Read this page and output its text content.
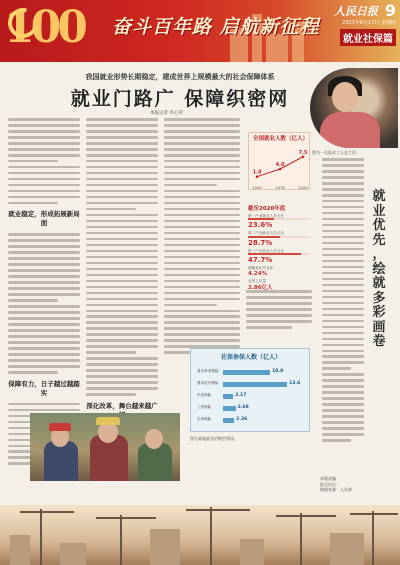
100 奋斗百年路 启航新征程
人民日报 9
2021年6月17日 星期四
就业社保篇
我国就业形势长期稳定，建成世界上规模最大的社会保障体系
就业门路广 保障织密网
本报记者 李心萍
就业稳定，形成拓展新局面
保障有力，日子越过越踏实
深化改革，舞台越来越广
就
业
优
先
，
绘
就
多
彩
画
卷
全国就业人数（亿人）
1.8
1949
4.0
1978
7.5
2020
截至2020年底
第一产业就业人员占比
23.6%
第二产业就业人员占比
28.7%
第三产业就业人员占比
47.7%
城镇登记失业率
4.24%
农民工总量
2.86亿人
社保参保人数（亿人）
基本养老保险	10.0
基本医疗保险	13.6
失业保险	2.17
工伤保险	2.68
生育保险	2.36
图为某地就业招聘会现场。
图为一名技术工人在工作。
本版责编：
版式设计：
数据来源：人社部
